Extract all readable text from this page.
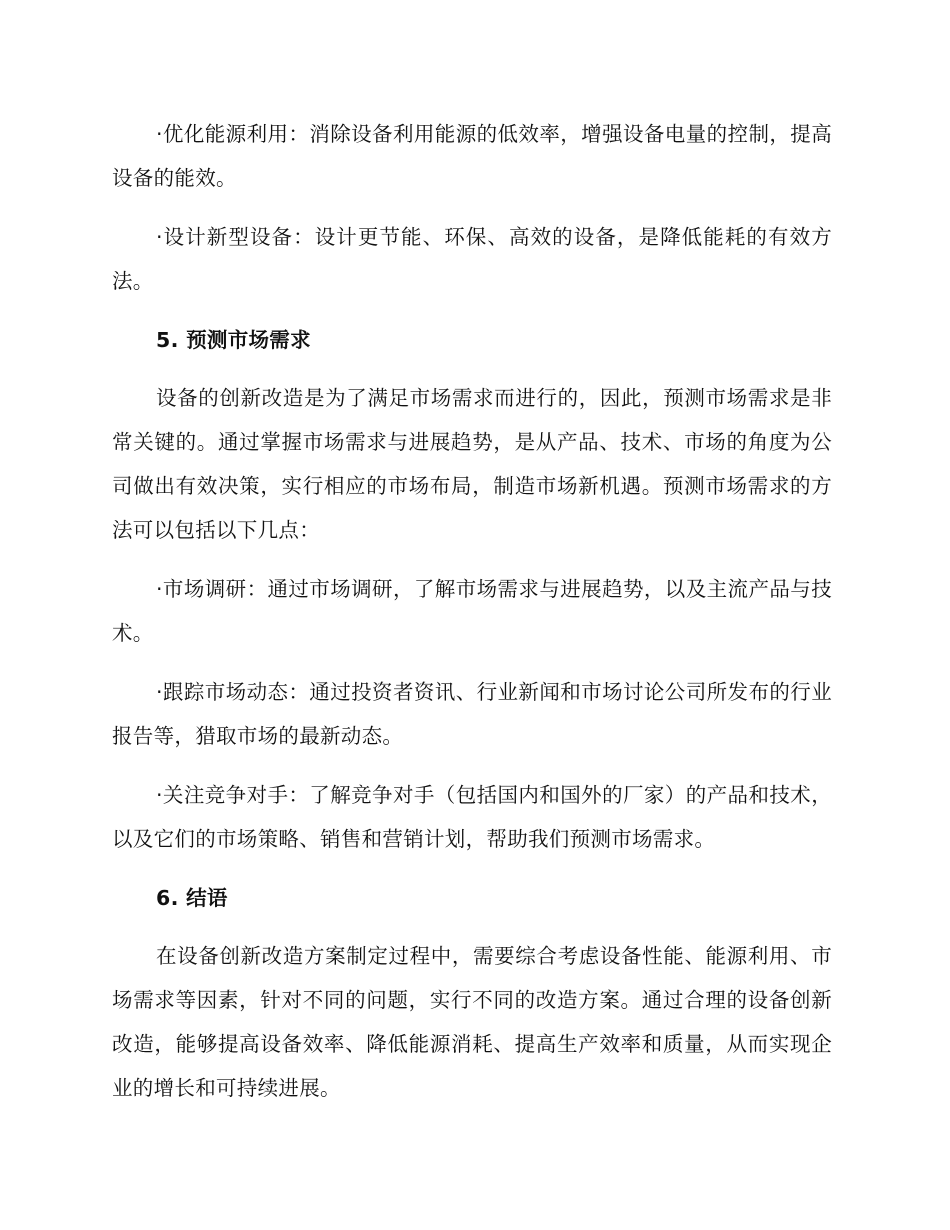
·优化能源利用：消除设备利用能源的低效率，增强设备电量的控制，提高设备的能效。

·设计新型设备：设计更节能、环保、高效的设备，是降低能耗的有效方法。

5. 预测市场需求

设备的创新改造是为了满足市场需求而进行的，因此，预测市场需求是非常关键的。通过掌握市场需求与进展趋势，是从产品、技术、市场的角度为公司做出有效决策，实行相应的市场布局，制造市场新机遇。预测市场需求的方法可以包括以下几点：

·市场调研：通过市场调研，了解市场需求与进展趋势，以及主流产品与技术。

·跟踪市场动态：通过投资者资讯、行业新闻和市场讨论公司所发布的行业报告等，猎取市场的最新动态。

·关注竞争对手：了解竞争对手（包括国内和国外的厂家）的产品和技术，以及它们的市场策略、销售和营销计划，帮助我们预测市场需求。

6. 结语

在设备创新改造方案制定过程中，需要综合考虑设备性能、能源利用、市场需求等因素，针对不同的问题，实行不同的改造方案。通过合理的设备创新改造，能够提高设备效率、降低能源消耗、提高生产效率和质量，从而实现企业的增长和可持续进展。
